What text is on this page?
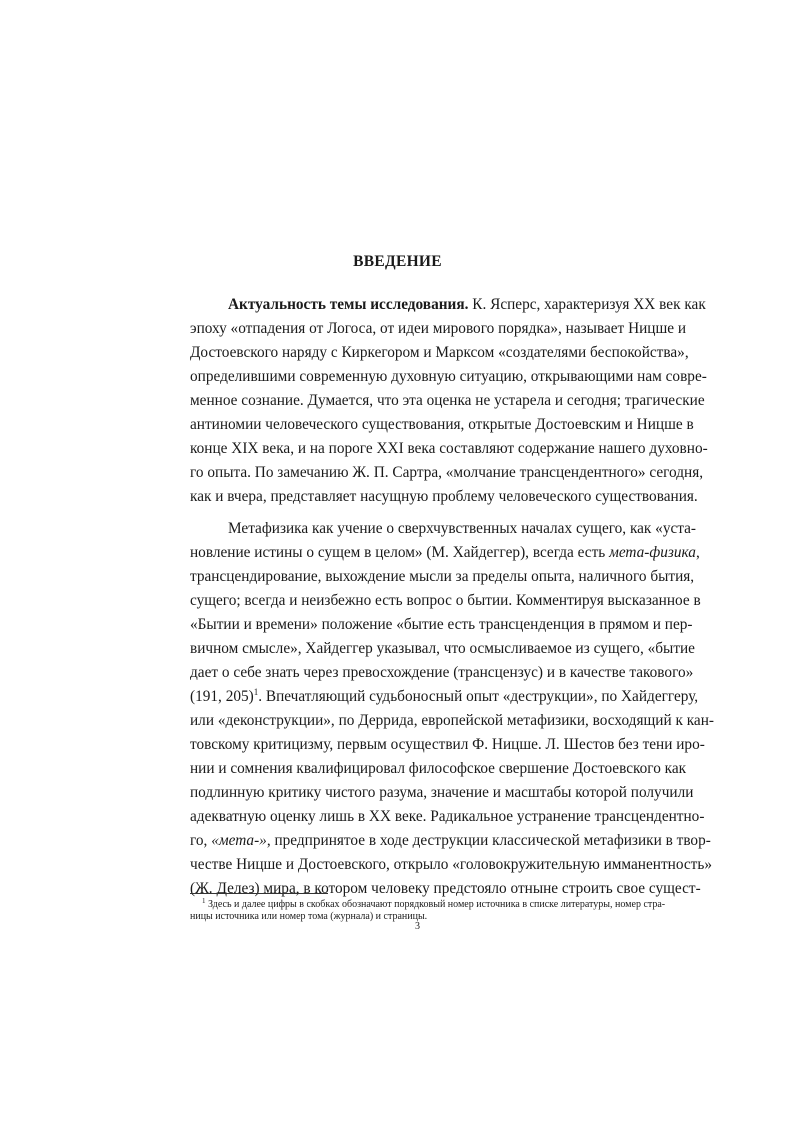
ВВЕДЕНИЕ
Актуальность темы исследования. К. Ясперс, характеризуя XX век как
эпоху «отпадения от Логоса, от идеи мирового порядка», называет Ницше и
Достоевского наряду с Киркегором и Марксом «создателями беспокойства»,
определившими современную духовную ситуацию, открывающими нам совре-
менное сознание. Думается, что эта оценка не устарела и сегодня; трагические
антиномии человеческого существования, открытые Достоевским и Ницше в
конце XIX века, и на пороге XXI века составляют содержание нашего духовно-
го опыта. По замечанию Ж. П. Сартра, «молчание трансцендентного» сегодня,
как и вчера, представляет насущную проблему человеческого существования.
Метафизика как учение о сверхчувственных началах сущего, как «уста-
новление истины о сущем в целом» (М. Хайдеггер), всегда есть мета-физика,
трансцендирование, выхождение мысли за пределы опыта, наличного бытия,
сущего; всегда и неизбежно есть вопрос о бытии. Комментируя высказанное в
«Бытии и времени» положение «бытие есть трансценденция в прямом и пер-
вичном смысле», Хайдеггер указывал, что осмысливаемое из сущего, «бытие
дает о себе знать через превосхождение (трансцензус) и в качестве такового»
(191, 205)$^1$. Впечатляющий судьбоносный опыт «деструкции», по Хайдеггеру,
или «деконструкции», по Деррида, европейской метафизики, восходящий к кан-
товскому критицизму, первым осуществил Ф. Ницше. Л. Шестов без тени иро-
нии и сомнения квалифицировал философское свершение Достоевского как
подлинную критику чистого разума, значение и масштабы которой получили
адекватную оценку лишь в XX веке. Радикальное устранение трансцендентно-
го, «мета-», предпринятое в ходе деструкции классической метафизики в твор-
честве Ницше и Достоевского, открыло «головокружительную имманентность»
(Ж. Делез) мира, в котором человеку предстояло отныне строить свое сущест-
$^1$ Здесь и далее цифры в скобках обозначают порядковый номер источника в списке литературы, номер стра-
ницы источника или номер тома (журнала) и страницы.
3
